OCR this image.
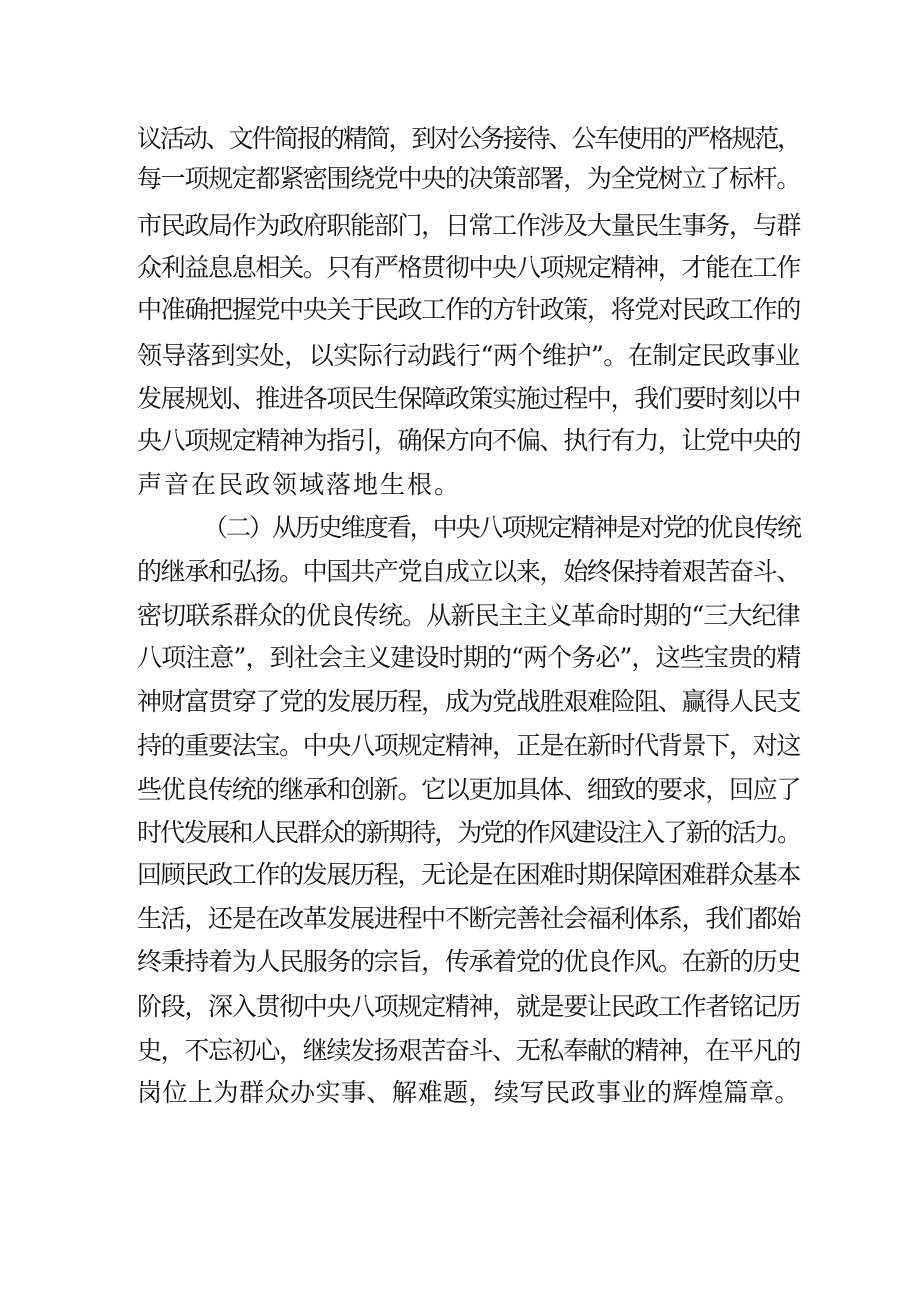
议活动、文件简报的精简，到对公务接待、公车使用的严格规范，
每一项规定都紧密围绕党中央的决策部署，为全党树立了标杆。
市民政局作为政府职能部门，日常工作涉及大量民生事务，与群
众利益息息相关。只有严格贯彻中央八项规定精神，才能在工作
中准确把握党中央关于民政工作的方针政策，将党对民政工作的
领导落到实处，以实际行动践行“两个维护”。在制定民政事业
发展规划、推进各项民生保障政策实施过程中，我们要时刻以中
央八项规定精神为指引，确保方向不偏、执行有力，让党中央的
声音在民政领域落地生根。
（二）从历史维度看，中央八项规定精神是对党的优良传统
的继承和弘扬。中国共产党自成立以来，始终保持着艰苦奋斗、
密切联系群众的优良传统。从新民主主义革命时期的“三大纪律
八项注意”，到社会主义建设时期的“两个务必”，这些宝贵的精
神财富贯穿了党的发展历程，成为党战胜艰难险阻、赢得人民支
持的重要法宝。中央八项规定精神，正是在新时代背景下，对这
些优良传统的继承和创新。它以更加具体、细致的要求，回应了
时代发展和人民群众的新期待，为党的作风建设注入了新的活力。
回顾民政工作的发展历程，无论是在困难时期保障困难群众基本
生活，还是在改革发展进程中不断完善社会福利体系，我们都始
终秉持着为人民服务的宗旨，传承着党的优良作风。在新的历史
阶段，深入贯彻中央八项规定精神，就是要让民政工作者铭记历
史，不忘初心，继续发扬艰苦奋斗、无私奉献的精神，在平凡的
岗位上为群众办实事、解难题，续写民政事业的辉煌篇章。
